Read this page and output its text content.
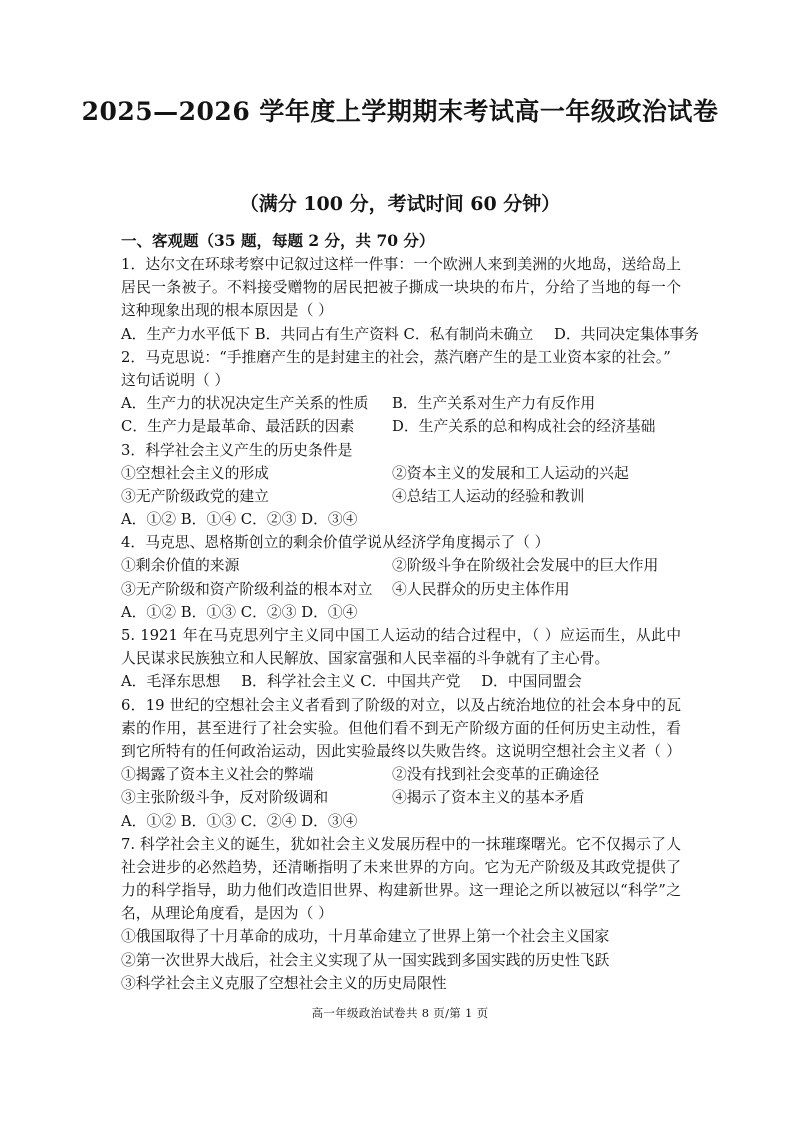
2025—2026 学年度上学期期末考试高一年级政治试卷
（满分 100 分，考试时间 60 分钟）
一、客观题（35 题，每题 2 分，共 70 分）
1．达尔文在环球考察中记叙过这样一件事：一个欧洲人来到美洲的火地岛，送给岛上
居民一条被子。不料接受赠物的居民把被子撕成一块块的布片，分给了当地的每一个
这种现象出现的根本原因是（ ）
A．生产力水平低下 B．共同占有生产资料 C．私有制尚未确立 D．共同决定集体事务
2．马克思说：“手推磨产生的是封建主的社会，蒸汽磨产生的是工业资本家的社会。”
这句话说明（ ）
A．生产力的状况决定生产关系的性质	B．生产关系对生产力有反作用
C．生产力是最革命、最活跃的因素	D．生产关系的总和构成社会的经济基础
3．科学社会主义产生的历史条件是
①空想社会主义的形成	②资本主义的发展和工人运动的兴起
③无产阶级政党的建立	④总结工人运动的经验和教训
A．①② B．①④ C．②③ D．③④
4．马克思、恩格斯创立的剩余价值学说从经济学角度揭示了（ ）
①剩余价值的来源	②阶级斗争在阶级社会发展中的巨大作用
③无产阶级和资产阶级利益的根本对立	④人民群众的历史主体作用
A．①② B．①③ C．②③ D．①④
5. 1921 年在马克思列宁主义同中国工人运动的结合过程中，（ ）应运而生，从此中
人民谋求民族独立和人民解放、国家富强和人民幸福的斗争就有了主心骨。
A．毛泽东思想 B．科学社会主义 C．中国共产党 D．中国同盟会
6．19 世纪的空想社会主义者看到了阶级的对立，以及占统治地位的社会本身中的瓦
素的作用，甚至进行了社会实验。但他们看不到无产阶级方面的任何历史主动性，看
到它所特有的任何政治运动，因此实验最终以失败告终。这说明空想社会主义者（ ）
①揭露了资本主义社会的弊端	②没有找到社会变革的正确途径
③主张阶级斗争，反对阶级调和	④揭示了资本主义的基本矛盾
A．①② B．①③ C．②④ D．③④
7. 科学社会主义的诞生，犹如社会主义发展历程中的一抹璀璨曙光。它不仅揭示了人
社会进步的必然趋势，还清晰指明了未来世界的方向。它为无产阶级及其政党提供了
力的科学指导，助力他们改造旧世界、构建新世界。这一理论之所以被冠以“科学”之
名，从理论角度看，是因为（ ）
①俄国取得了十月革命的成功，十月革命建立了世界上第一个社会主义国家
②第一次世界大战后，社会主义实现了从一国实践到多国实践的历史性飞跃
③科学社会主义克服了空想社会主义的历史局限性
高一年级政治试卷共 8 页/第 1 页
